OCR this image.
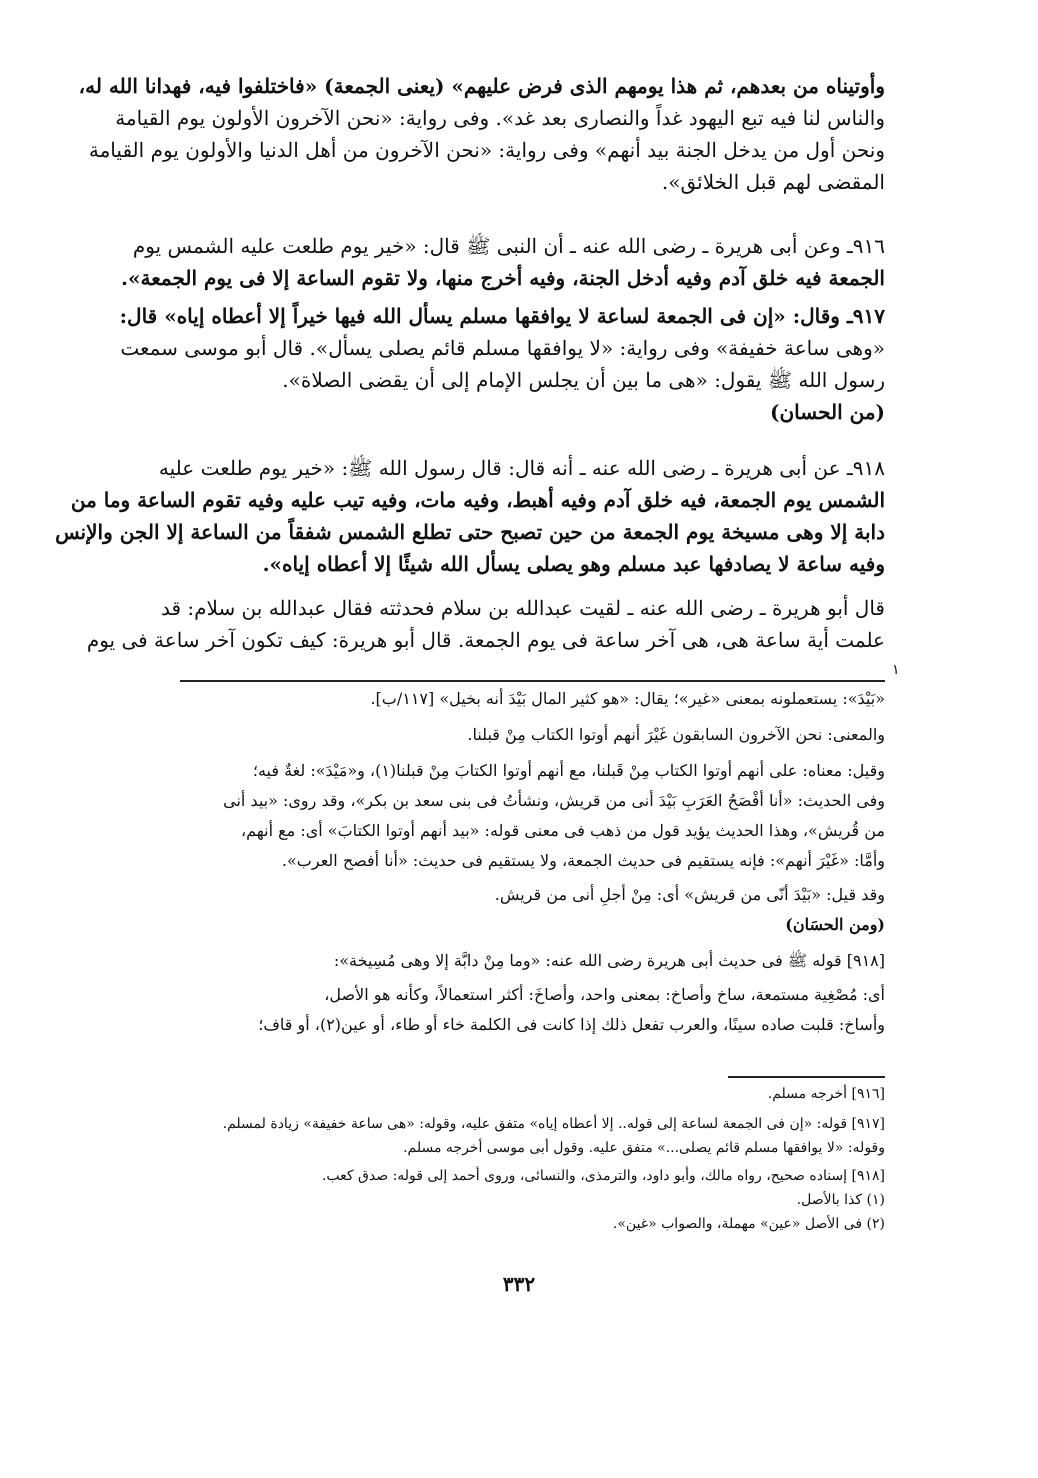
وأوتيناه من بعدهم، ثم هذا يومهم الذى فرض عليهم» (يعنى الجمعة) «فاختلفوا فيه، فهدانا الله له،
والناس لنا فيه تبع اليهود غداً والنصارى بعد غد». وفى رواية: «نحن الآخرون الأولون يوم القيامة
ونحن أول من يدخل الجنة بيد أنهم» وفى رواية: «نحن الآخرون من أهل الدنيا والأولون يوم القيامة
المقضى لهم قبل الخلائق».
٩١٦ـ وعن أبى هريرة ـ رضى الله عنه ـ أن النبى ﷺ قال: «خير يوم طلعت عليه الشمس يوم
الجمعة فيه خلق آدم وفيه أدخل الجنة، وفيه أخرج منها، ولا تقوم الساعة إلا فى يوم الجمعة».
٩١٧ـ وقال: «إن فى الجمعة لساعة لا يوافقها مسلم يسأل الله فيها خيراً إلا أعطاه إياه» قال:
«وهى ساعة خفيفة» وفى رواية: «لا يوافقها مسلم قائم يصلى يسأل». قال أبو موسى سمعت
رسول الله ﷺ يقول: «هى ما بين أن يجلس الإمام إلى أن يقضى الصلاة».
(من الحسان)
٩١٨ـ عن أبى هريرة ـ رضى الله عنه ـ أنه قال: قال رسول الله ﷺ: «خير يوم طلعت عليه
الشمس يوم الجمعة، فيه خلق آدم وفيه أهبط، وفيه مات، وفيه تيب عليه وفيه تقوم الساعة وما من
دابة إلا وهى مسيخة يوم الجمعة من حين تصبح حتى تطلع الشمس شفقاً من الساعة إلا الجن والإنس
وفيه ساعة لا يصادفها عبد مسلم وهو يصلى يسأل الله شيئًا إلا أعطاه إياه».
قال أبو هريرة ـ رضى الله عنه ـ لقيت عبدالله بن سلام فحدثته فقال عبدالله بن سلام: قد
علمت أية ساعة هى، هى آخر ساعة فى يوم الجمعة. قال أبو هريرة: كيف تكون آخر ساعة فى يوم
١
«بَيْدَ»: يستعملونه بمعنى «غير»؛ يقال: «هو كثير المال بَيْدَ أنه بخيل» [١١٧/ب].
والمعنى: نحن الآخرون السابقون غَيْرَ أنهم أوتوا الكتاب مِنْ قبلنا.
وقيل: معناه: على أنهم أوتوا الكتاب مِنْ قَبلنا، مع أنهم أوتوا الكتابَ مِنْ قبلنا(١)، و«مَيْدَ»: لغةٌ فيه؛
وفى الحديث: «أنا أفْصَحُ العَرَبِ بَيْدَ أنى من قريش، ونشأتُ فى بنى سعد بن بكر»، وقد روى: «بيد أنى
من قُريش»، وهذا الحديث يؤيد قول من ذهب فى معنى قوله: «بيد أنهم أوتوا الكتابَ» أى: مع أنهم،
وأمَّا: «غَيْرَ أنهم»: فإنه يستقيم فى حديث الجمعة، ولا يستقيم فى حديث: «أنا أفصح العرب».
وقد قيل: «بَيْدَ أنّى من قريش» أى: مِنْ أجلِ أنى من قريش.
(ومن الحسَان)
[٩١٨] قوله ﷺ فى حديث أبى هريرة رضى الله عنه: «وما مِنْ دابَّة إلا وهى مُسِيخة»:
أى: مُصْغِية مستمعة، ساخ وأصاخ: بمعنى واحد، وأصاخَ: أكثر استعمالاً، وكأنه هو الأصل،
وأساخ: قلبت صاده سينًا، والعرب تفعل ذلك إذا كانت فى الكلمة خاء أو طاء، أو عين(٢)، أو قاف؛
[٩١٦] أخرجه مسلم.
[٩١٧] قوله: «إن فى الجمعة لساعة إلى قوله.. إلا أعطاه إياه» متفق عليه، وقوله: «هى ساعة خفيفة» زيادة لمسلم.
وقوله: «لا يوافقها مسلم قائم يصلى...» متفق عليه. وقول أبى موسى أخرجه مسلم.
[٩١٨] إسناده صحيح، رواه مالك، وأبو داود، والترمذى، والنسائى، وروى أحمد إلى قوله: صدق كعب.
(١) كذا بالأصل.
(٢) فى الأصل «عين» مهملة، والصواب «غين».
٣٣٢
